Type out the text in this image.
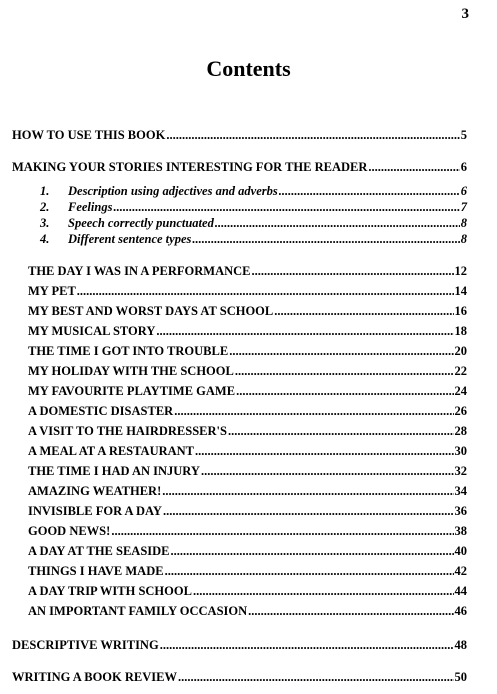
3
Contents
HOW TO USE THIS BOOK .....	5
MAKING YOUR STORIES INTERESTING FOR THE READER .....	6
1. Description using adjectives and adverbs .....	6
2. Feelings .....	7
3. Speech correctly punctuated .....	8
4. Different sentence types .....	8
THE DAY I WAS IN A PERFORMANCE .....	12
MY PET .....	14
MY BEST AND WORST DAYS AT SCHOOL .....	16
MY MUSICAL STORY .....	18
THE TIME I GOT INTO TROUBLE .....	20
MY HOLIDAY WITH THE SCHOOL .....	22
MY FAVOURITE PLAYTIME GAME .....	24
A DOMESTIC DISASTER .....	26
A VISIT TO THE HAIRDRESSER'S .....	28
A MEAL AT A RESTAURANT .....	30
THE TIME I HAD AN INJURY .....	32
AMAZING WEATHER! .....	34
INVISIBLE FOR A DAY .....	36
GOOD NEWS! .....	38
A DAY AT THE SEASIDE .....	40
THINGS I HAVE MADE .....	42
A DAY TRIP WITH SCHOOL .....	44
AN IMPORTANT FAMILY OCCASION .....	46
DESCRIPTIVE WRITING .....	48
WRITING A BOOK REVIEW .....	50
